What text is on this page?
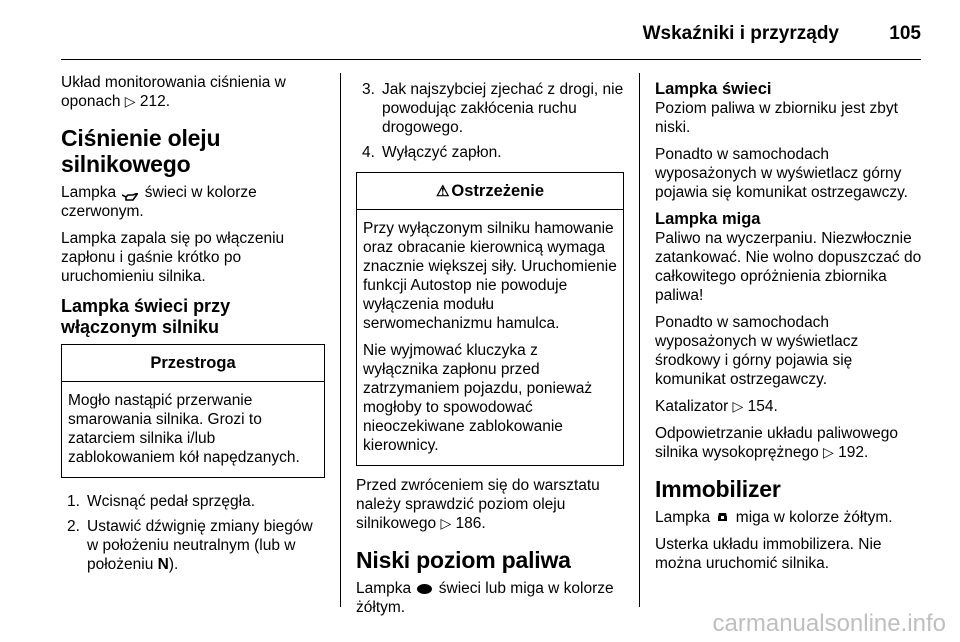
Wskaźniki i przyrządy	105

Układ monitorowania ciśnienia w oponach ▷ 212.

Ciśnienie oleju silnikowego

Lampka świeci w kolorze czerwonym.

Lampka zapala się po włączeniu zapłonu i gaśnie krótko po uruchomieniu silnika.

Lampka świeci przy włączonym silniku
Przestroga

Mogło nastąpić przerwanie smarowania silnika. Grozi to zatarciem silnika i/lub zablokowaniem kół napędzanych.

1. Wcisnąć pedał sprzęgła.
2. Ustawić dźwignię zmiany biegów w położeniu neutralnym (lub w położeniu N).
3. Jak najszybciej zjechać z drogi, nie powodując zakłócenia ruchu drogowego.
4. Wyłączyć zapłon.
⚠ Ostrzeżenie

Przy wyłączonym silniku hamowanie oraz obracanie kierownicą wymaga znacznie większej siły. Uruchomienie funkcji Autostop nie powoduje wyłączenia modułu serwomechanizmu hamulca.

Nie wyjmować kluczyka z wyłącznika zapłonu przed zatrzymaniem pojazdu, ponieważ mogłoby to spowodować nieoczekiwane zablokowanie kierownicy.

Przed zwróceniem się do warsztatu należy sprawdzić poziom oleju silnikowego ▷ 186.

Niski poziom paliwa

Lampka świeci lub miga w kolorze żółtym.

Lampka świeci

Poziom paliwa w zbiorniku jest zbyt niski.

Ponadto w samochodach wyposażonych w wyświetlacz górny pojawia się komunikat ostrzegawczy.

Lampka miga

Paliwo na wyczerpaniu. Niezwłocznie zatankować. Nie wolno dopuszczać do całkowitego opróżnienia zbiornika paliwa!

Ponadto w samochodach wyposażonych w wyświetlacz środkowy i górny pojawia się komunikat ostrzegawczy.

Katalizator ▷ 154.

Odpowietrzanie układu paliwowego silnika wysokoprężnego ▷ 192.

Immobilizer

Lampka miga w kolorze żółtym.

Usterka układu immobilizera. Nie można uruchomić silnika.

carmanualsonline.info
